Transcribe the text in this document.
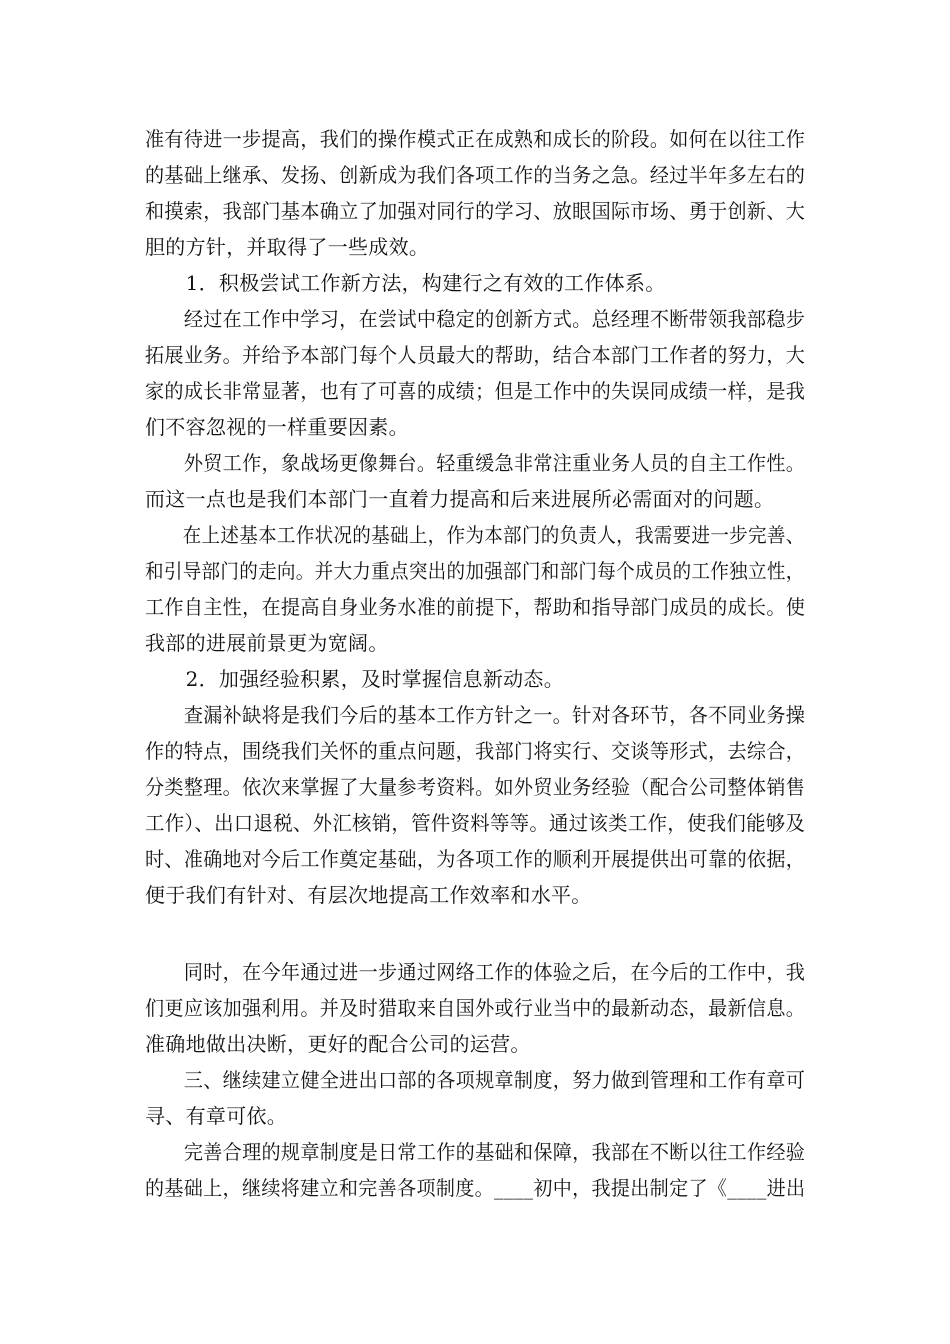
准有待进一步提高，我们的操作模式正在成熟和成长的阶段。如何在以往工作
的基础上继承、发扬、创新成为我们各项工作的当务之急。经过半年多左右的
和摸索，我部门基本确立了加强对同行的学习、放眼国际市场、勇于创新、大
胆的方针，并取得了一些成效。
　　1．积极尝试工作新方法，构建行之有效的工作体系。
　　经过在工作中学习，在尝试中稳定的创新方式。总经理不断带领我部稳步
拓展业务。并给予本部门每个人员最大的帮助，结合本部门工作者的努力，大
家的成长非常显著，也有了可喜的成绩；但是工作中的失误同成绩一样，是我
们不容忽视的一样重要因素。
　　外贸工作，象战场更像舞台。轻重缓急非常注重业务人员的自主工作性。
而这一点也是我们本部门一直着力提高和后来进展所必需面对的问题。
　　在上述基本工作状况的基础上，作为本部门的负责人，我需要进一步完善、
和引导部门的走向。并大力重点突出的加强部门和部门每个成员的工作独立性，
工作自主性，在提高自身业务水准的前提下，帮助和指导部门成员的成长。使
我部的进展前景更为宽阔。
　　2．加强经验积累，及时掌握信息新动态。
　　查漏补缺将是我们今后的基本工作方针之一。针对各环节，各不同业务操
作的特点，围绕我们关怀的重点问题，我部门将实行、交谈等形式，去综合，
分类整理。依次来掌握了大量参考资料。如外贸业务经验（配合公司整体销售
工作）、出口退税、外汇核销，管件资料等等。通过该类工作，使我们能够及
时、准确地对今后工作奠定基础，为各项工作的顺利开展提供出可靠的依据，
便于我们有针对、有层次地提高工作效率和水平。
　　同时，在今年通过进一步通过网络工作的体验之后，在今后的工作中，我
们更应该加强利用。并及时猎取来自国外或行业当中的最新动态，最新信息。
准确地做出决断，更好的配合公司的运营。
　　三、继续建立健全进出口部的各项规章制度，努力做到管理和工作有章可
寻、有章可依。
　　完善合理的规章制度是日常工作的基础和保障，我部在不断以往工作经验
的基础上，继续将建立和完善各项制度。____初中，我提出制定了《____进出
